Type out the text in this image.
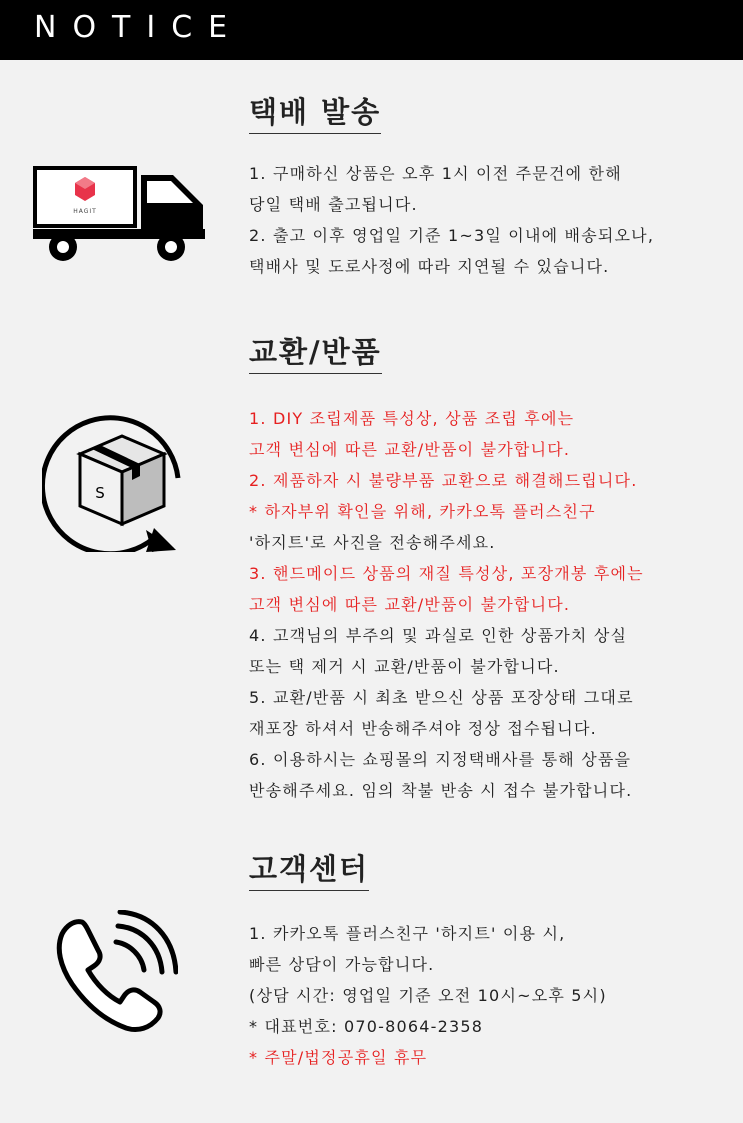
NOTICE
택배 발송
HAGIT
1. 구매하신 상품은 오후 1시 이전 주문건에 한해
당일 택배 출고됩니다.
2. 출고 이후 영업일 기준 1~3일 이내에 배송되오나,
택배사 및 도로사정에 따라 지연될 수 있습니다.
교환/반품
S
1. DIY 조립제품 특성상, 상품 조립 후에는
고객 변심에 따른 교환/반품이 불가합니다.
2. 제품하자 시 불량부품 교환으로 해결해드립니다.
* 하자부위 확인을 위해, 카카오톡 플러스친구
'하지트'로 사진을 전송해주세요.
3. 핸드메이드 상품의 재질 특성상, 포장개봉 후에는
고객 변심에 따른 교환/반품이 불가합니다.
4. 고객님의 부주의 및 과실로 인한 상품가치 상실
또는 택 제거 시 교환/반품이 불가합니다.
5. 교환/반품 시 최초 받으신 상품 포장상태 그대로
재포장 하셔서 반송해주셔야 정상 접수됩니다.
6. 이용하시는 쇼핑몰의 지정택배사를 통해 상품을
반송해주세요. 임의 착불 반송 시 접수 불가합니다.
고객센터
1. 카카오톡 플러스친구 '하지트' 이용 시,
빠른 상담이 가능합니다.
(상담 시간: 영업일 기준 오전 10시~오후 5시)
* 대표번호: 070-8064-2358
* 주말/법정공휴일 휴무
